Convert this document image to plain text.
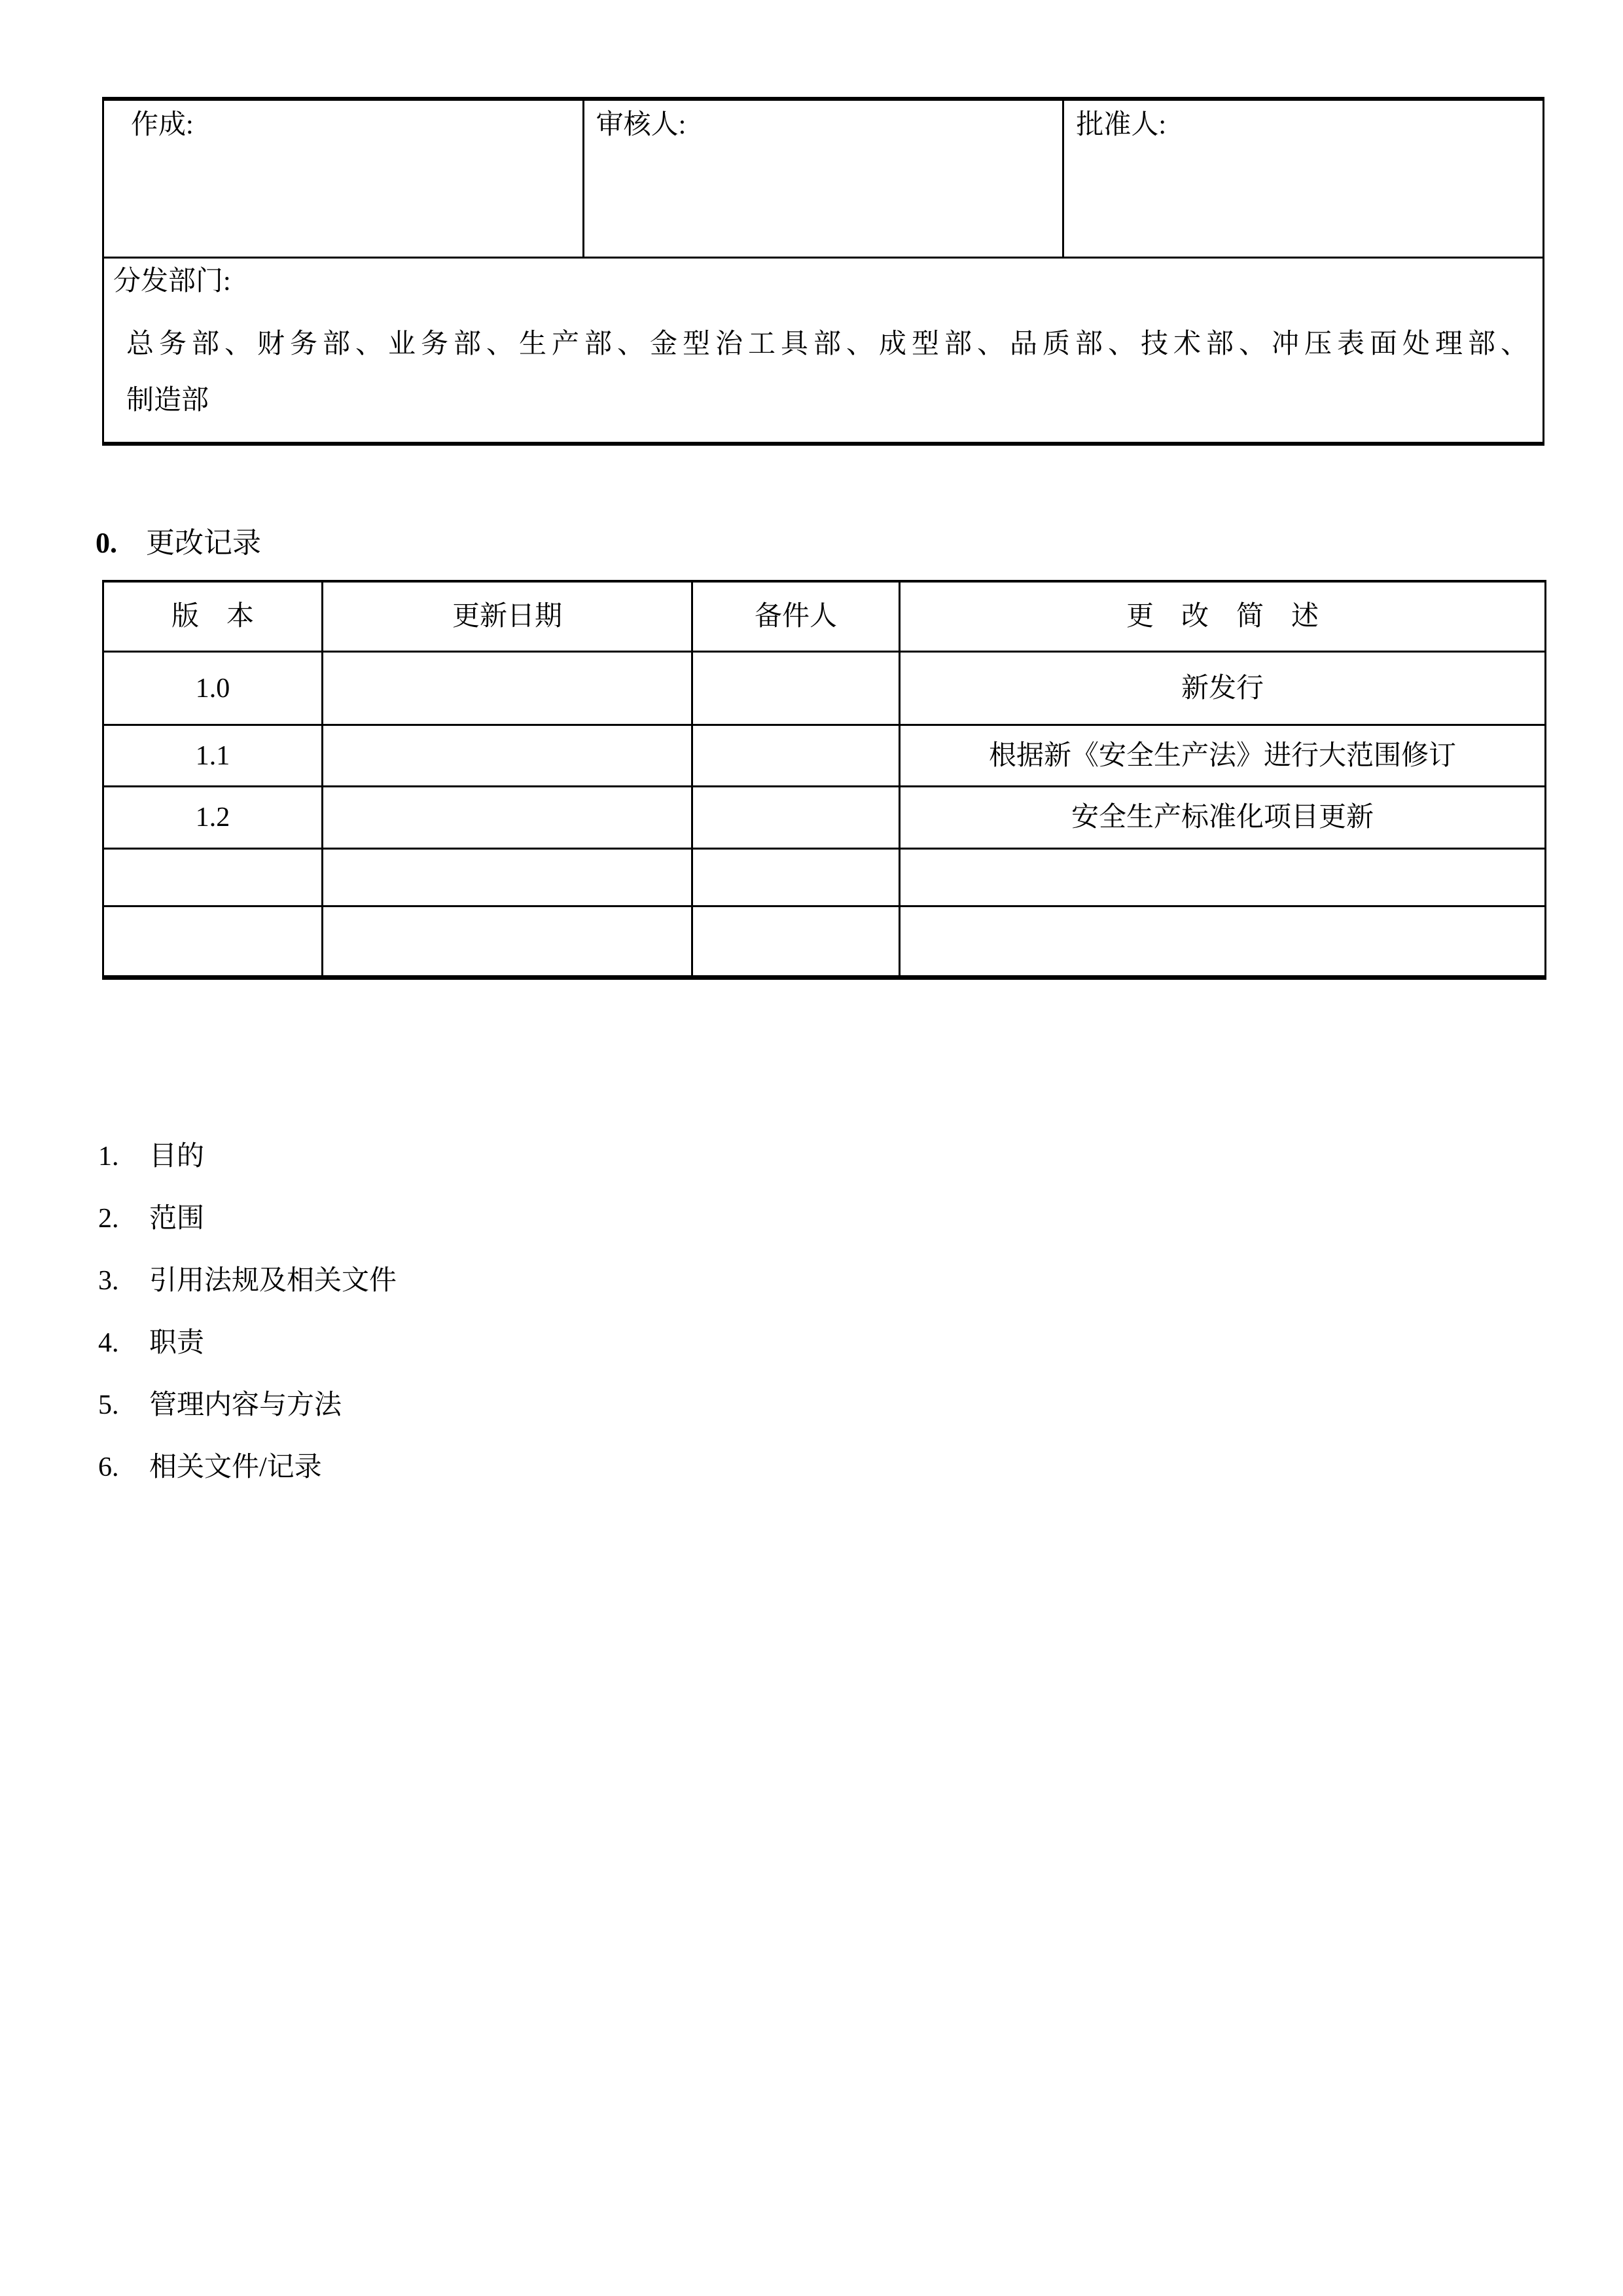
作成:	审核人:	批准人:

分发部门:
总务部、财务部、业务部、生产部、金型治工具部、成型部、品质部、技术部、冲压表面处理部、
制造部
0.	更改记录
版　本	更新日期	备件人	更　改　简　述
1.0			新发行
1.1			根据新《安全生产法》进行大范围修订
1.2			安全生产标准化项目更新

1.	目的
2.	范围
3.	引用法规及相关文件
4.	职责
5.	管理内容与方法
6.	相关文件/记录
